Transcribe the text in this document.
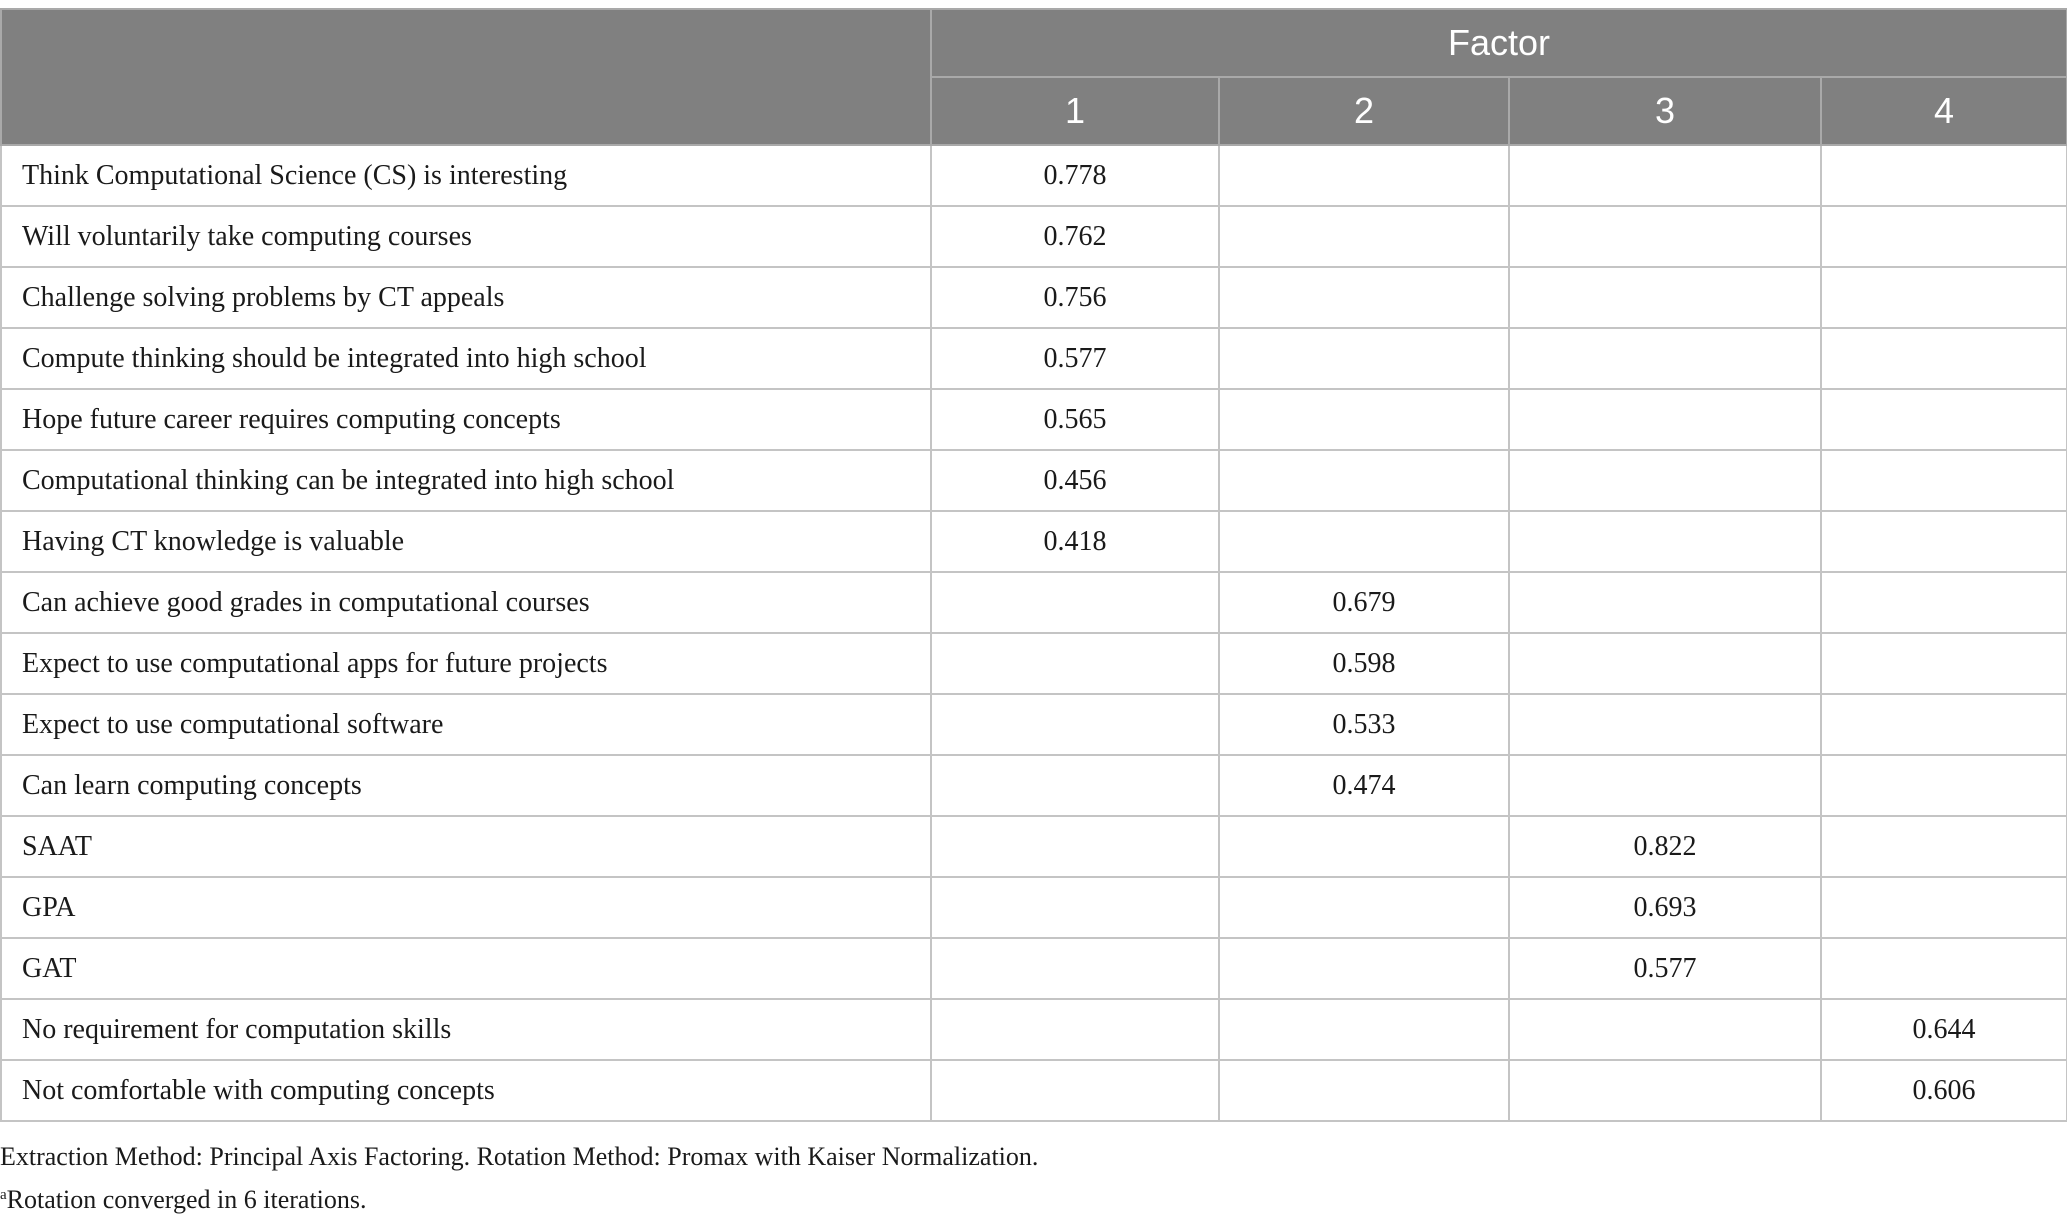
	Factor			
	1	2	3	4
Think Computational Science (CS) is interesting	0.778			
Will voluntarily take computing courses	0.762			
Challenge solving problems by CT appeals	0.756			
Compute thinking should be integrated into high school	0.577			
Hope future career requires computing concepts	0.565			
Computational thinking can be integrated into high school	0.456			
Having CT knowledge is valuable	0.418			
Can achieve good grades in computational courses		0.679		
Expect to use computational apps for future projects		0.598		
Expect to use computational software		0.533		
Can learn computing concepts		0.474		
SAAT			0.822	
GPA			0.693	
GAT			0.577	
No requirement for computation skills				0.644
Not comfortable with computing concepts				0.606
Extraction Method: Principal Axis Factoring. Rotation Method: Promax with Kaiser Normalization.
$^a$Rotation converged in 6 iterations.
